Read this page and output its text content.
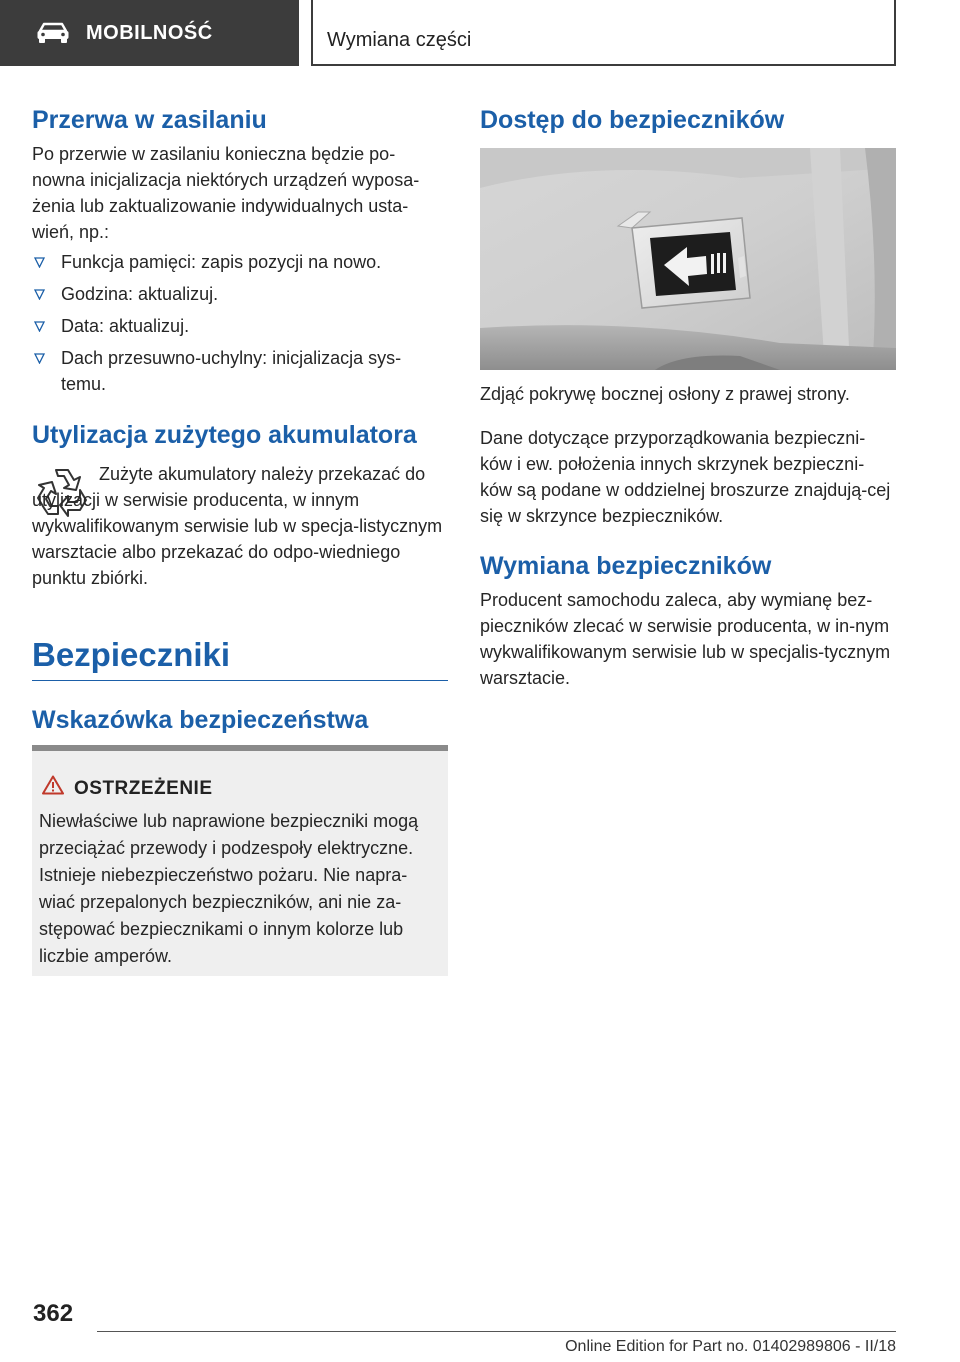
MOBILNOŚĆ	Wymiana części
Przerwa w zasilaniu

Po przerwie w zasilaniu konieczna będzie po-nowna inicjalizacja niektórych urządzeń wyposa-żenia lub zaktualizowanie indywidualnych usta-wień, np.:

Funkcja pamięci: zapis pozycji na nowo.
Godzina: aktualizuj.
Data: aktualizuj.
Dach przesuwno-uchylny: inicjalizacja sys-temu.
Utylizacja zużytego akumulatora

Zużyte akumulatory należy przekazać do utylizacji w serwisie producenta, w innym wykwalifikowanym serwisie lub w specja-listycznym warsztacie albo przekazać do odpo-wiedniego punktu zbiórki.

Bezpieczniki
Wskazówka bezpieczeństwa
OSTRZEŻENIE

Niewłaściwe lub naprawione bezpieczniki mogą przeciążać przewody i podzespoły elektryczne. Istnieje niebezpieczeństwo pożaru. Nie napra-wiać przepalonych bezpieczników, ani nie za-stępować bezpiecznikami o innym kolorze lub liczbie amperów.

Dostęp do bezpieczników

Zdjąć pokrywę bocznej osłony z prawej strony.

Dane dotyczące przyporządkowania bezpieczni-ków i ew. położenia innych skrzynek bezpieczni-ków są podane w oddzielnej broszurze znajdują-cej się w skrzynce bezpieczników.

Wymiana bezpieczników

Producent samochodu zaleca, aby wymianę bez-pieczników zlecać w serwisie producenta, w in-nym wykwalifikowanym serwisie lub w specjalis-tycznym warsztacie.

362
Online Edition for Part no. 01402989806 - II/18
